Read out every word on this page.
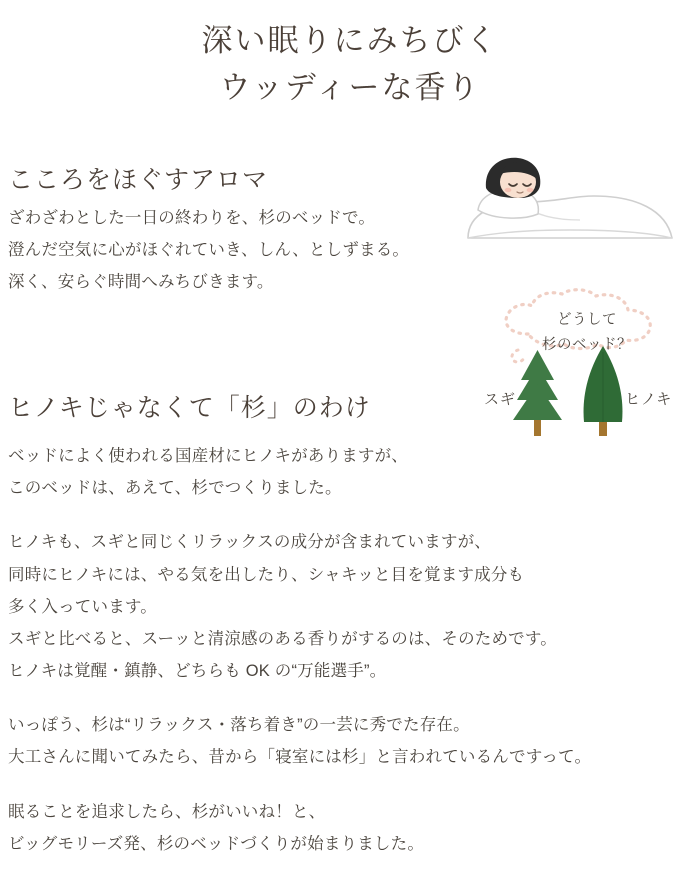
深い眠りにみちびく
ウッディーな香り
こころをほぐすアロマ

ざわざわとした一日の終わりを、杉のベッドで。

澄んだ空気に心がほぐれていき、しん、としずまる。

深く、安らぐ時間へみちびきます。

どうして
杉のベッド？
スギ	ヒノキ
ヒノキじゃなくて「杉」のわけ

ベッドによく使われる国産材にヒノキがありますが、

このベッドは、あえて、杉でつくりました。

ヒノキも、スギと同じくリラックスの成分が含まれていますが、

同時にヒノキには、やる気を出したり、シャキッと目を覚ます成分も

多く入っています。

スギと比べると、スーッと清涼感のある香りがするのは、そのためです。

ヒノキは覚醒・鎮静、どちらも OK の“万能選手”。

いっぽう、杉は“リラックス・落ち着き”の一芸に秀でた存在。

大工さんに聞いてみたら、昔から「寝室には杉」と言われているんですって。

眠ることを追求したら、杉がいいね！と、

ビッグモリーズ発、杉のベッドづくりが始まりました。
